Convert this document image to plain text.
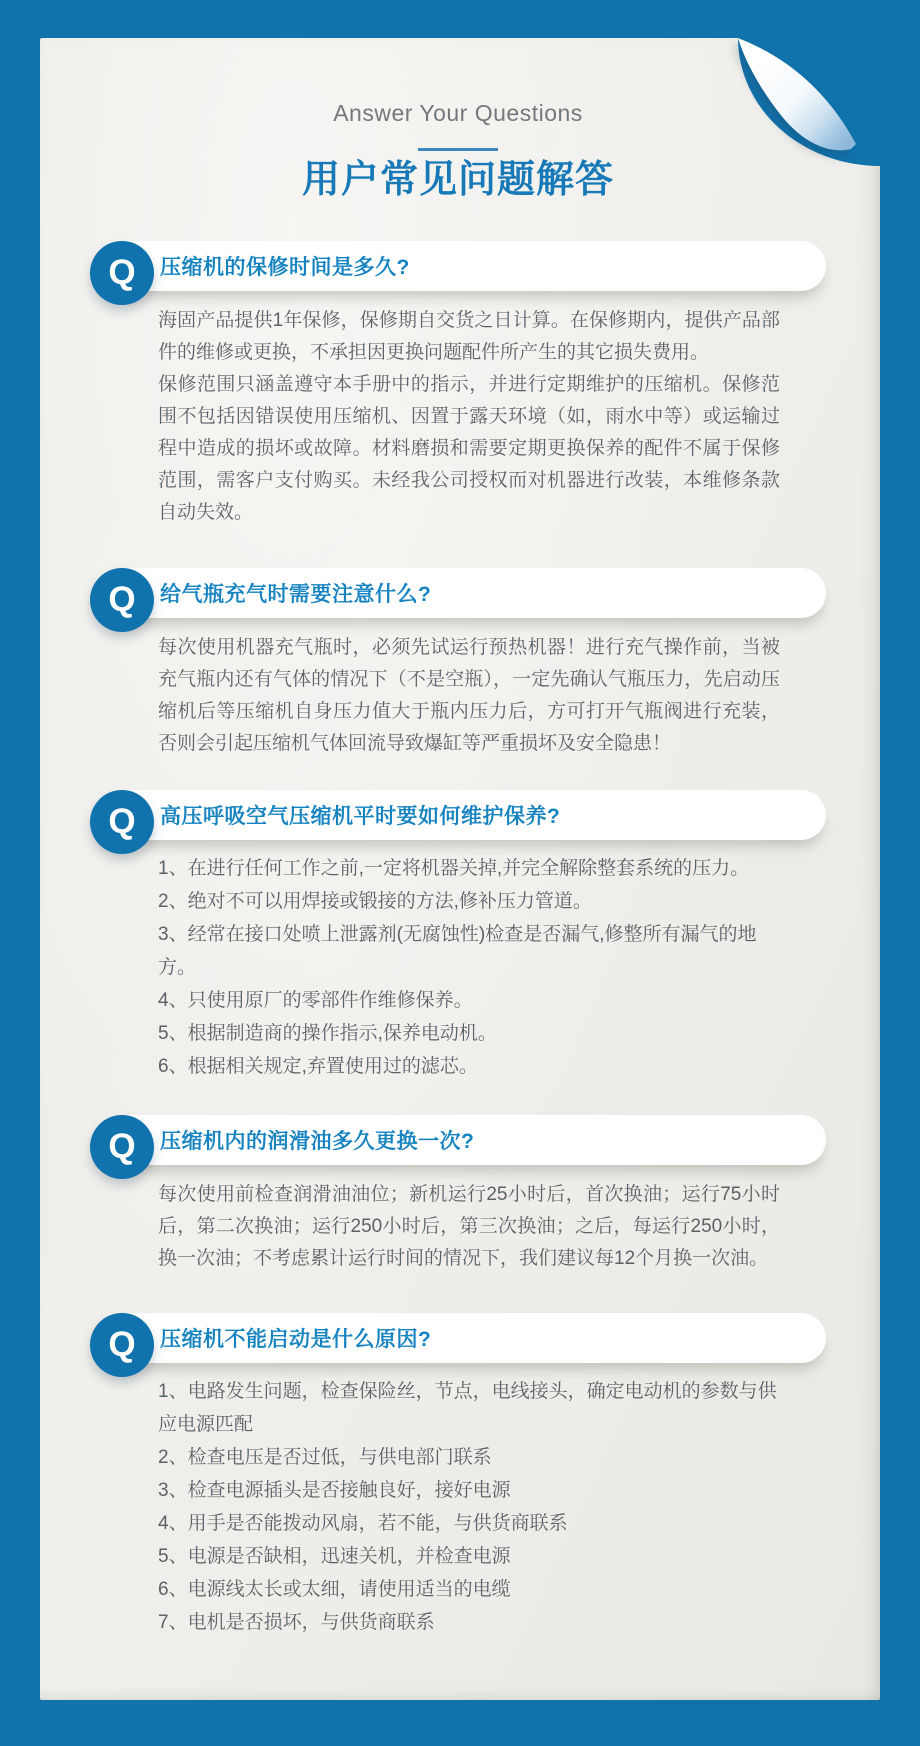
Answer Your Questions
用户常见问题解答
压缩机的保修时间是多久?
Q

海固产品提供1年保修，保修期自交货之日计算。在保修期内，提供产品部件的维修或更换，不承担因更换问题配件所产生的其它损失费用。

保修范围只涵盖遵守本手册中的指示，并进行定期维护的压缩机。保修范围不包括因错误使用压缩机、因置于露天环境（如，雨水中等）或运输过程中造成的损坏或故障。材料磨损和需要定期更换保养的配件不属于保修范围，需客户支付购买。未经我公司授权而对机器进行改装，本维修条款自动失效。

给气瓶充气时需要注意什么?
Q

每次使用机器充气瓶时，必须先试运行预热机器！进行充气操作前，当被充气瓶内还有气体的情况下（不是空瓶），一定先确认气瓶压力，先启动压缩机后等压缩机自身压力值大于瓶内压力后，方可打开气瓶阀进行充装，否则会引起压缩机气体回流导致爆缸等严重损坏及安全隐患！

高压呼吸空气压缩机平时要如何维护保养?
Q
1、在进行任何工作之前,一定将机器关掉,并完全解除整套系统的压力。
2、绝对不可以用焊接或锻接的方法,修补压力管道。
3、经常在接口处喷上泄露剂(无腐蚀性)检查是否漏气,修整所有漏气的地方。
4、只使用原厂的零部件作维修保养。
5、根据制造商的操作指示,保养电动机。
6、根据相关规定,弃置使用过的滤芯。
压缩机内的润滑油多久更换一次?
Q

每次使用前检查润滑油油位；新机运行25小时后，首次换油；运行75小时后，第二次换油；运行250小时后，第三次换油；之后，每运行250小时，换一次油；不考虑累计运行时间的情况下，我们建议每12个月换一次油。

压缩机不能启动是什么原因?
Q
1、电路发生问题，检查保险丝，节点，电线接头，确定电动机的参数与供应电源匹配
2、检查电压是否过低，与供电部门联系
3、检查电源插头是否接触良好，接好电源
4、用手是否能拨动风扇，若不能，与供货商联系
5、电源是否缺相，迅速关机，并检查电源
6、电源线太长或太细，请使用适当的电缆
7、电机是否损坏，与供货商联系
